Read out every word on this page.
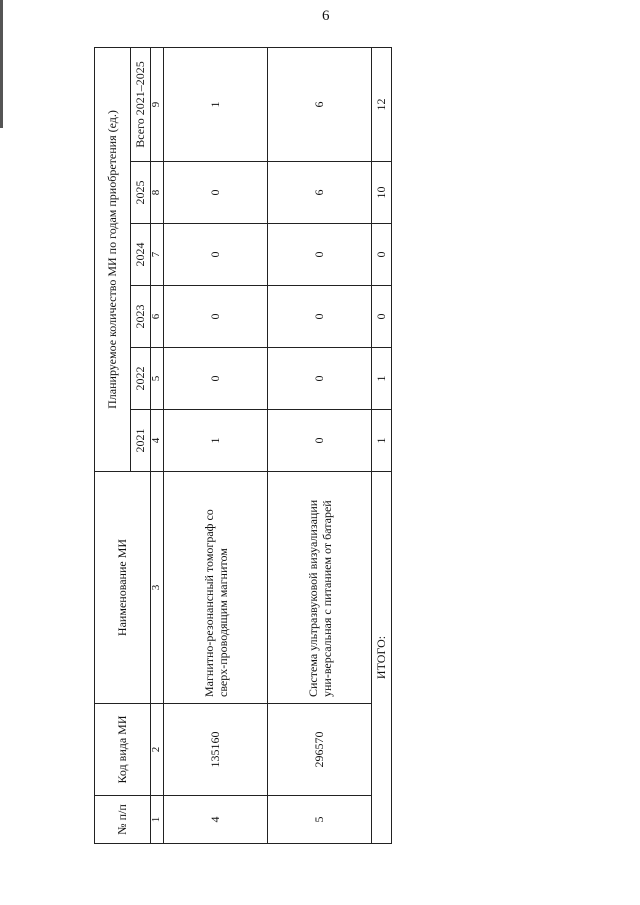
6
№ п/п	Код вида МИ	Наименование МИ	Планируемое количество МИ по годам приобретения (ед.)					
			2021	2022	2023	2024	2025	Всего 2021–2025
1	2	3	4	5	6	7	8	9
4	135160	Магнитно-резонансный томограф со сверх-проводящим магнитом	1	0	0	0	0	1
5	296570	Система ультразвуковой визуализации уни-версальная с питанием от батарей	0	0	0	0	6	6
ИТОГО:			1	1	0	0	10	12
